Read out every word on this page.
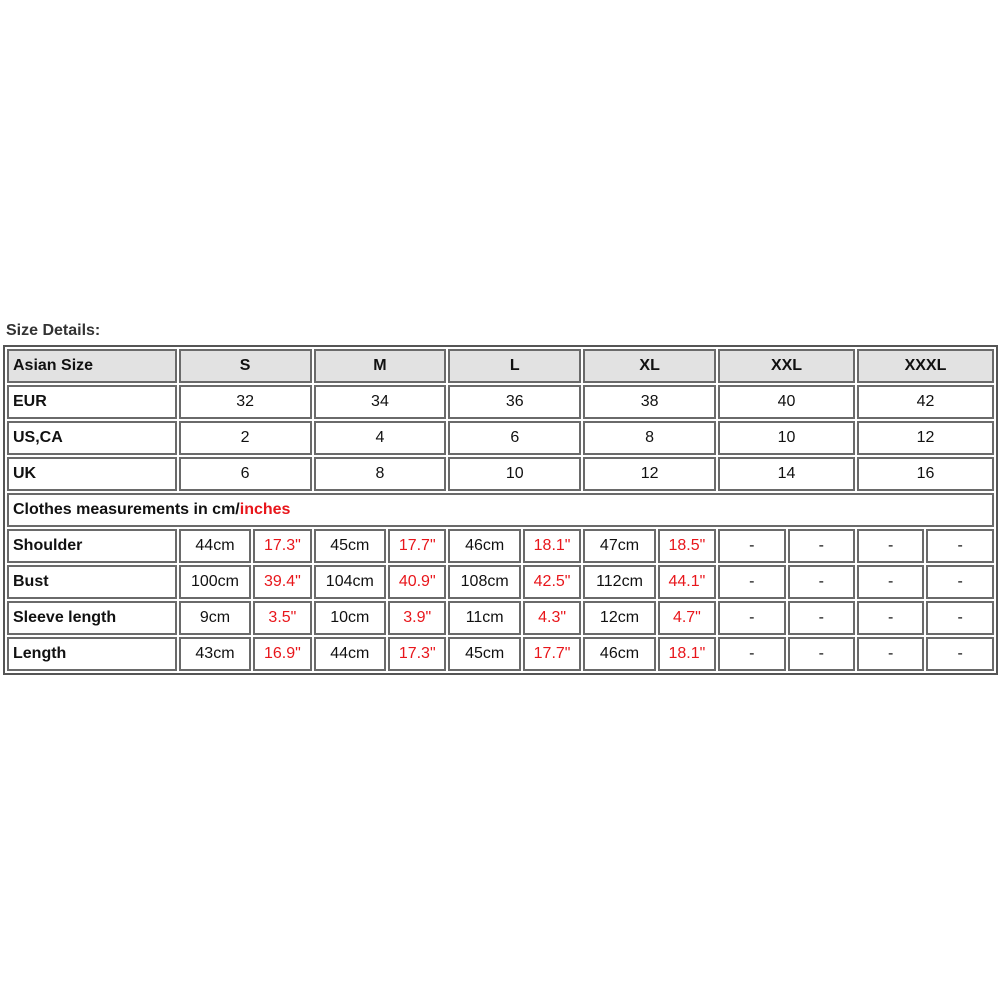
Size Details:
Asian Size	S		M		L		XL		XXL		XXXL	
EUR	32		34		36		38		40		42	
US,CA	2		4		6		8		10		12	
UK	6		8		10		12		14		16	
Clothes measurements in cm/inches												
Shoulder	44cm	17.3"	45cm	17.7"	46cm	18.1"	47cm	18.5"	-	-	-	-
Bust	100cm	39.4"	104cm	40.9"	108cm	42.5"	112cm	44.1"	-	-	-	-
Sleeve length	9cm	3.5"	10cm	3.9"	11cm	4.3"	12cm	4.7"	-	-	-	-
Length	43cm	16.9"	44cm	17.3"	45cm	17.7"	46cm	18.1"	-	-	-	-
